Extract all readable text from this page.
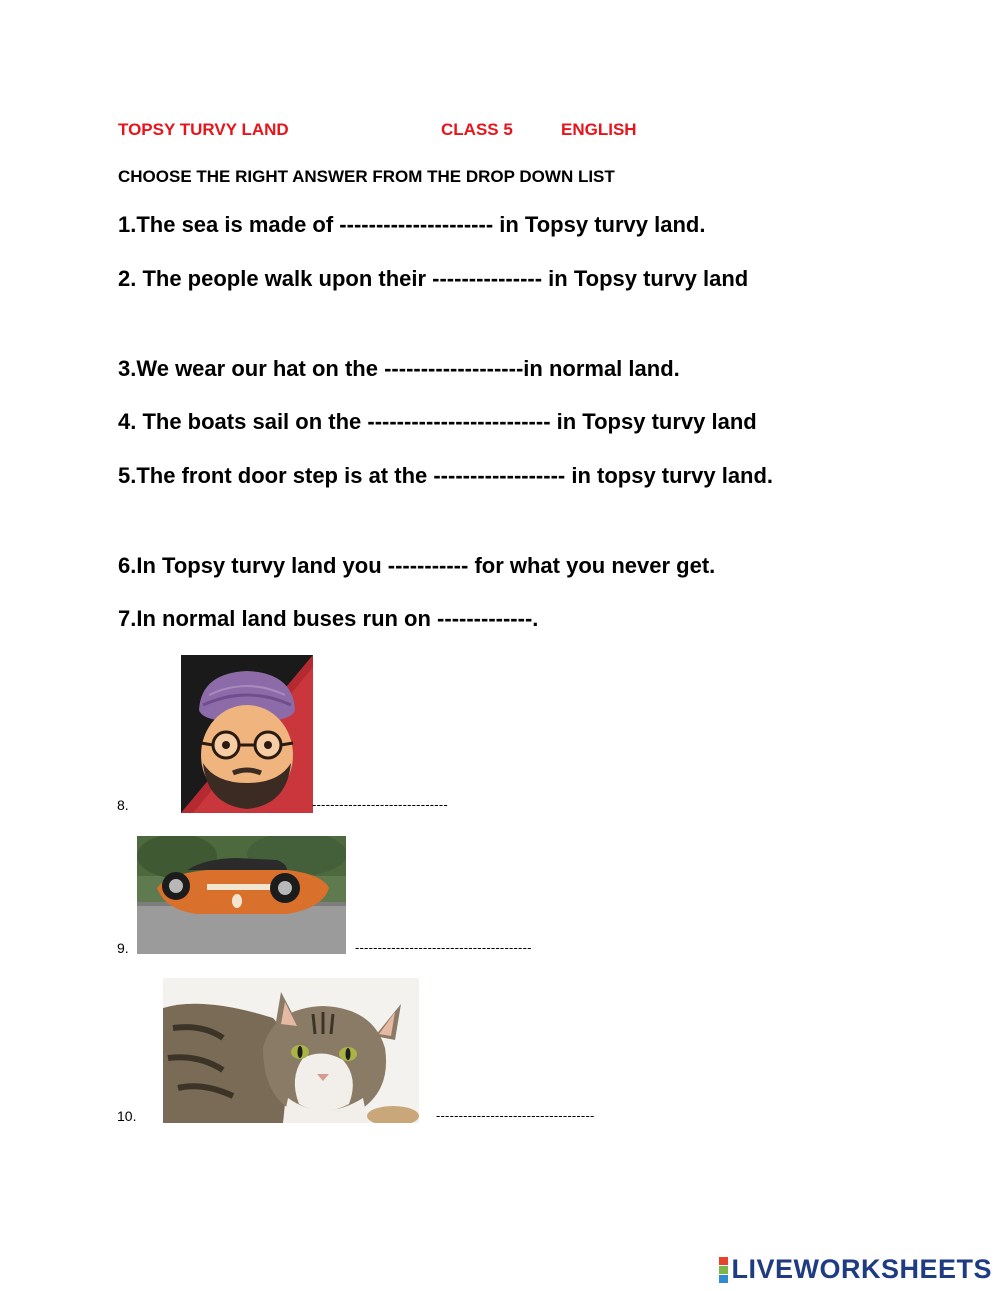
TOPSY TURVY LAND	CLASS 5	ENGLISH
CHOOSE THE RIGHT ANSWER FROM THE DROP DOWN LIST
1.The sea is made of --------------------- in Topsy turvy land.
2. The people walk upon their --------------- in Topsy turvy land
3.We wear our hat on the -------------------in normal land.
4. The boats sail on the ------------------------- in Topsy turvy land
5.The front door step is at the ------------------ in topsy turvy land.
6.In Topsy turvy land you ----------- for what you never get.
7.In normal land buses run on -------------.
8.	------------------------------
9.	---------------------------------------
10.	-----------------------------------
LIVEWORKSHEETS
